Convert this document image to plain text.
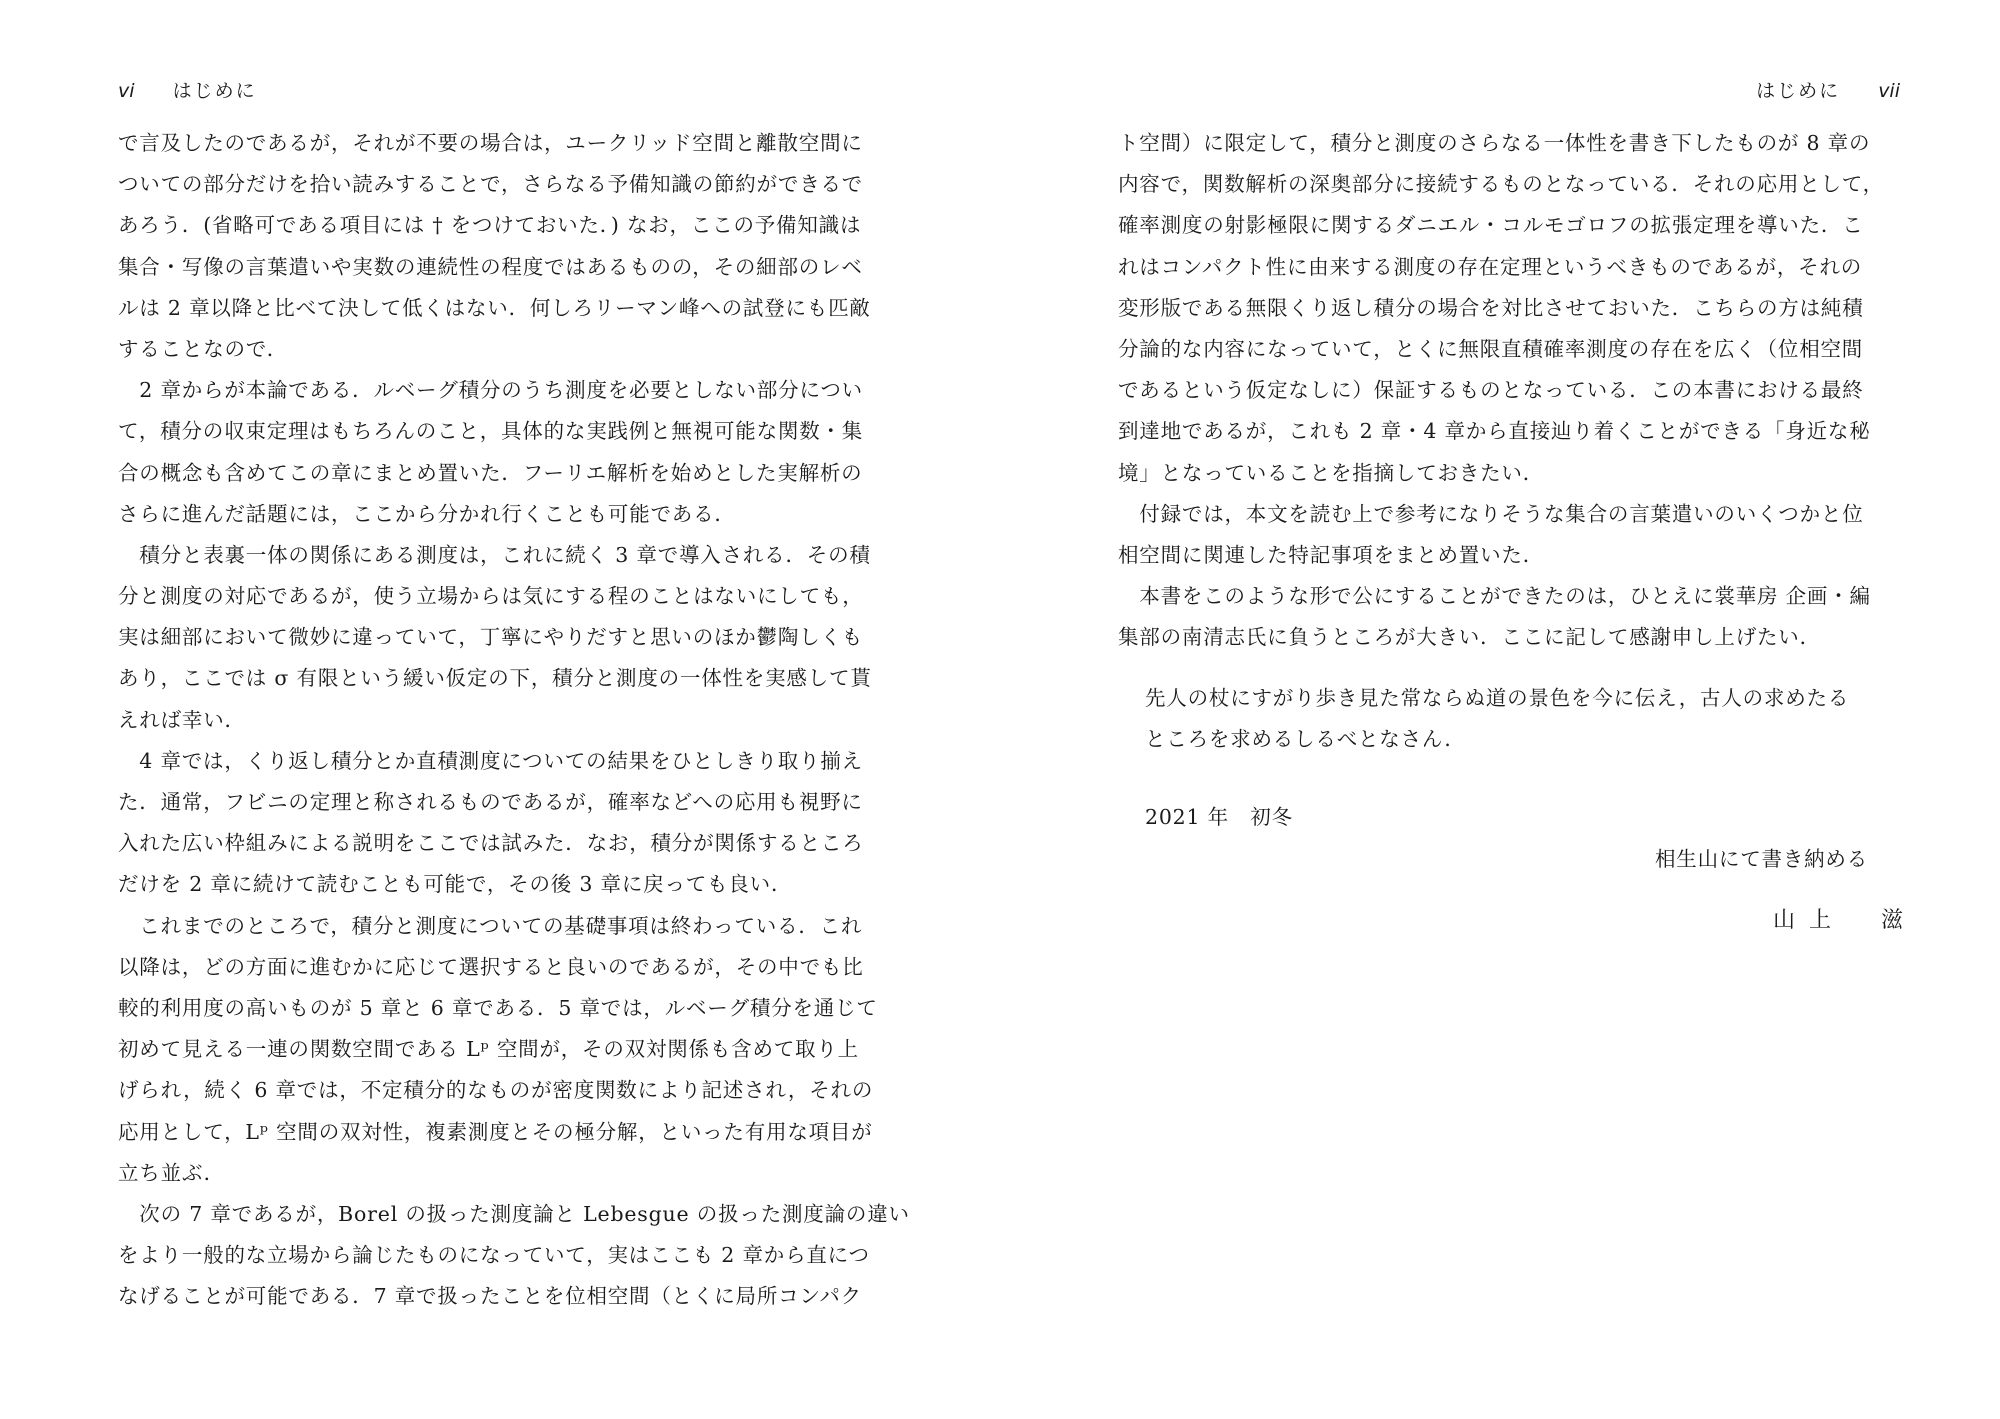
vi はじめに
で言及したのであるが，それが不要の場合は，ユークリッド空間と離散空間に
ついての部分だけを拾い読みすることで，さらなる予備知識の節約ができるで
あろう．(省略可である項目には † をつけておいた．) なお，ここの予備知識は
集合・写像の言葉遣いや実数の連続性の程度ではあるものの，その細部のレベ
ルは 2 章以降と比べて決して低くはない．何しろリーマン峰への試登にも匹敵
することなので．
　2 章からが本論である．ルベーグ積分のうち測度を必要としない部分につい
て，積分の収束定理はもちろんのこと，具体的な実践例と無視可能な関数・集
合の概念も含めてこの章にまとめ置いた．フーリエ解析を始めとした実解析の
さらに進んだ話題には，ここから分かれ行くことも可能である．
　積分と表裏一体の関係にある測度は，これに続く 3 章で導入される．その積
分と測度の対応であるが，使う立場からは気にする程のことはないにしても，
実は細部において微妙に違っていて，丁寧にやりだすと思いのほか鬱陶しくも
あり，ここでは σ 有限という緩い仮定の下，積分と測度の一体性を実感して貰
えれば幸い．
　4 章では，くり返し積分とか直積測度についての結果をひとしきり取り揃え
た．通常，フビニの定理と称されるものであるが，確率などへの応用も視野に
入れた広い枠組みによる説明をここでは試みた．なお，積分が関係するところ
だけを 2 章に続けて読むことも可能で，その後 3 章に戻っても良い．
　これまでのところで，積分と測度についての基礎事項は終わっている．これ
以降は，どの方面に進むかに応じて選択すると良いのであるが，その中でも比
較的利用度の高いものが 5 章と 6 章である．5 章では，ルベーグ積分を通じて
初めて見える一連の関数空間である Lᵖ 空間が，その双対関係も含めて取り上
げられ，続く 6 章では，不定積分的なものが密度関数により記述され，それの
応用として，Lᵖ 空間の双対性，複素測度とその極分解，といった有用な項目が
立ち並ぶ．
　次の 7 章であるが，Borel の扱った測度論と Lebesgue の扱った測度論の違い
をより一般的な立場から論じたものになっていて，実はここも 2 章から直につ
なげることが可能である．7 章で扱ったことを位相空間（とくに局所コンパク
はじめに vii
ト空間）に限定して，積分と測度のさらなる一体性を書き下したものが 8 章の
内容で，関数解析の深奥部分に接続するものとなっている．それの応用として，
確率測度の射影極限に関するダニエル・コルモゴロフの拡張定理を導いた．こ
れはコンパクト性に由来する測度の存在定理というべきものであるが，それの
変形版である無限くり返し積分の場合を対比させておいた．こちらの方は純積
分論的な内容になっていて，とくに無限直積確率測度の存在を広く（位相空間
であるという仮定なしに）保証するものとなっている．この本書における最終
到達地であるが，これも 2 章・4 章から直接辿り着くことができる「身近な秘
境」となっていることを指摘しておきたい．
　付録では，本文を読む上で参考になりそうな集合の言葉遣いのいくつかと位
相空間に関連した特記事項をまとめ置いた．
　本書をこのような形で公にすることができたのは，ひとえに裳華房 企画・編
集部の南清志氏に負うところが大きい．ここに記して感謝申し上げたい．
先人の杖にすがり歩き見た常ならぬ道の景色を今に伝え，古人の求めたる
ところを求めるしるべとなさん．
2021 年　初冬
相生山にて書き納める
山上　滋
